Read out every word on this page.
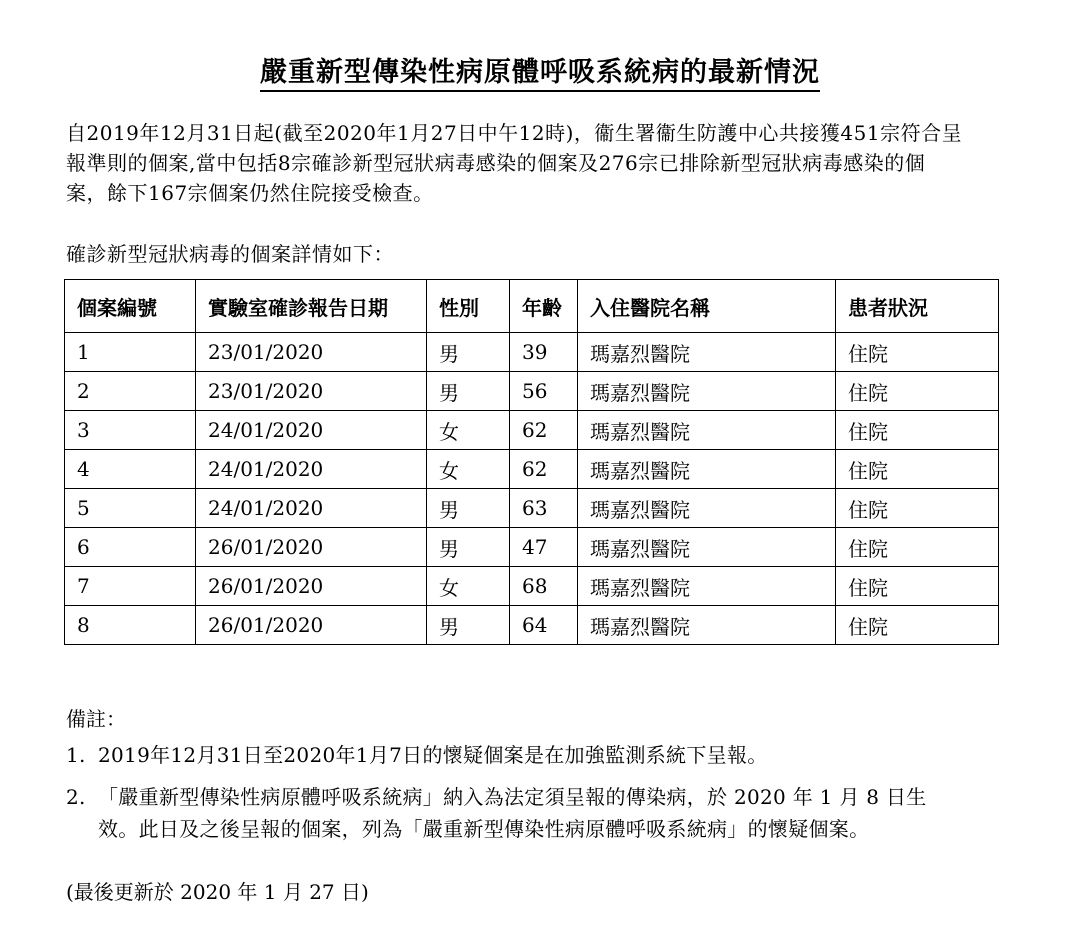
嚴重新型傳染性病原體呼吸系統病的最新情況
自2019年12月31日起(截至2020年1月27日中午12時)，衞生署衞生防護中心共接獲451宗符合呈
報準則的個案,當中包括8宗確診新型冠狀病毒感染的個案及276宗已排除新型冠狀病毒感染的個
案，餘下167宗個案仍然住院接受檢查。
確診新型冠狀病毒的個案詳情如下：
個案編號	實驗室確診報告日期	性別	年齡	入住醫院名稱	患者狀況
1	23/01/2020	男	39	瑪嘉烈醫院	住院
2	23/01/2020	男	56	瑪嘉烈醫院	住院
3	24/01/2020	女	62	瑪嘉烈醫院	住院
4	24/01/2020	女	62	瑪嘉烈醫院	住院
5	24/01/2020	男	63	瑪嘉烈醫院	住院
6	26/01/2020	男	47	瑪嘉烈醫院	住院
7	26/01/2020	女	68	瑪嘉烈醫院	住院
8	26/01/2020	男	64	瑪嘉烈醫院	住院
備註：
1. 2019年12月31日至2020年1月7日的懷疑個案是在加強監測系統下呈報。
2. 「嚴重新型傳染性病原體呼吸系統病」納入為法定須呈報的傳染病，於 2020 年 1 月 8 日生
效。此日及之後呈報的個案，列為「嚴重新型傳染性病原體呼吸系統病」的懷疑個案。
(最後更新於 2020 年 1 月 27 日)
